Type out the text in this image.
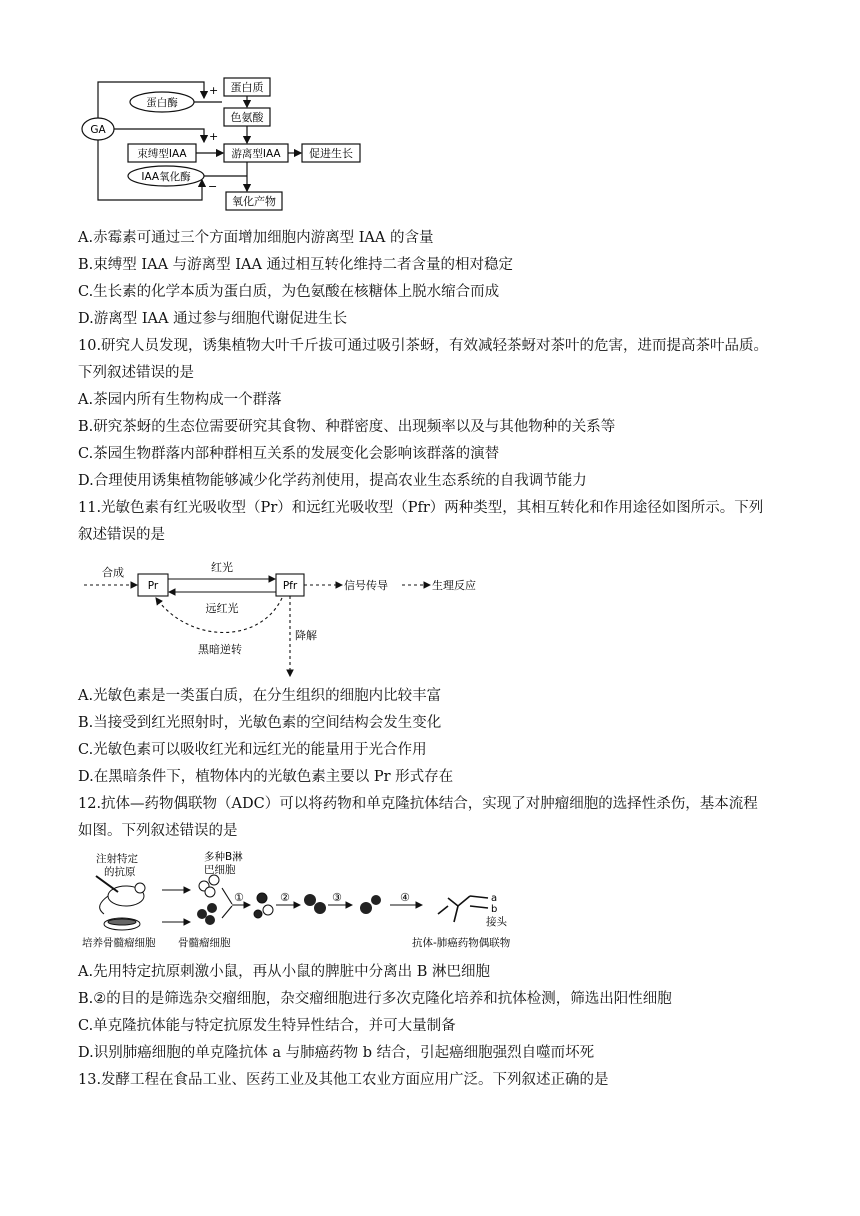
蛋白质
色氨酸
束缚型IAA	游离型IAA	促进生长
氧化产物
GA
蛋白酶
IAA氧化酶
+
+
−
A.赤霉素可通过三个方面增加细胞内游离型 IAA 的含量
B.束缚型 IAA 与游离型 IAA 通过相互转化维持二者含量的相对稳定
C.生长素的化学本质为蛋白质，为色氨酸在核糖体上脱水缩合而成
D.游离型 IAA 通过参与细胞代谢促进生长
10.研究人员发现，诱集植物大叶千斤拔可通过吸引茶蚜，有效减轻茶蚜对茶叶的危害，进而提高茶叶品质。
下列叙述错误的是
A.茶园内所有生物构成一个群落
B.研究茶蚜的生态位需要研究其食物、种群密度、出现频率以及与其他物种的关系等
C.茶园生物群落内部种群相互关系的发展变化会影响该群落的演替
D.合理使用诱集植物能够减少化学药剂使用，提高农业生态系统的自我调节能力
11.光敏色素有红光吸收型（Pr）和远红光吸收型（Pfr）两种类型，其相互转化和作用途径如图所示。下列
叙述错误的是
合成
Pr	Pfr
红光
远红光
信号传导	生理反应
降解
黑暗逆转
A.光敏色素是一类蛋白质，在分生组织的细胞内比较丰富
B.当接受到红光照射时，光敏色素的空间结构会发生变化
C.光敏色素可以吸收红光和远红光的能量用于光合作用
D.在黑暗条件下，植物体内的光敏色素主要以 Pr 形式存在
12.抗体—药物偶联物（ADC）可以将药物和单克隆抗体结合，实现了对肿瘤细胞的选择性杀伤，基本流程
如图。下列叙述错误的是
多种B淋
巴细胞
注射特定
的抗原
培养骨髓瘤细胞 骨髓瘤细胞
①	②	③	④	a
b
接头
抗体-肺癌药物偶联物
A.先用特定抗原刺激小鼠，再从小鼠的脾脏中分离出 B 淋巴细胞
B.②的目的是筛选杂交瘤细胞，杂交瘤细胞进行多次克隆化培养和抗体检测，筛选出阳性细胞
C.单克隆抗体能与特定抗原发生特异性结合，并可大量制备
D.识别肺癌细胞的单克隆抗体 a 与肺癌药物 b 结合，引起癌细胞强烈自噬而坏死
13.发酵工程在食品工业、医药工业及其他工农业方面应用广泛。下列叙述正确的是
